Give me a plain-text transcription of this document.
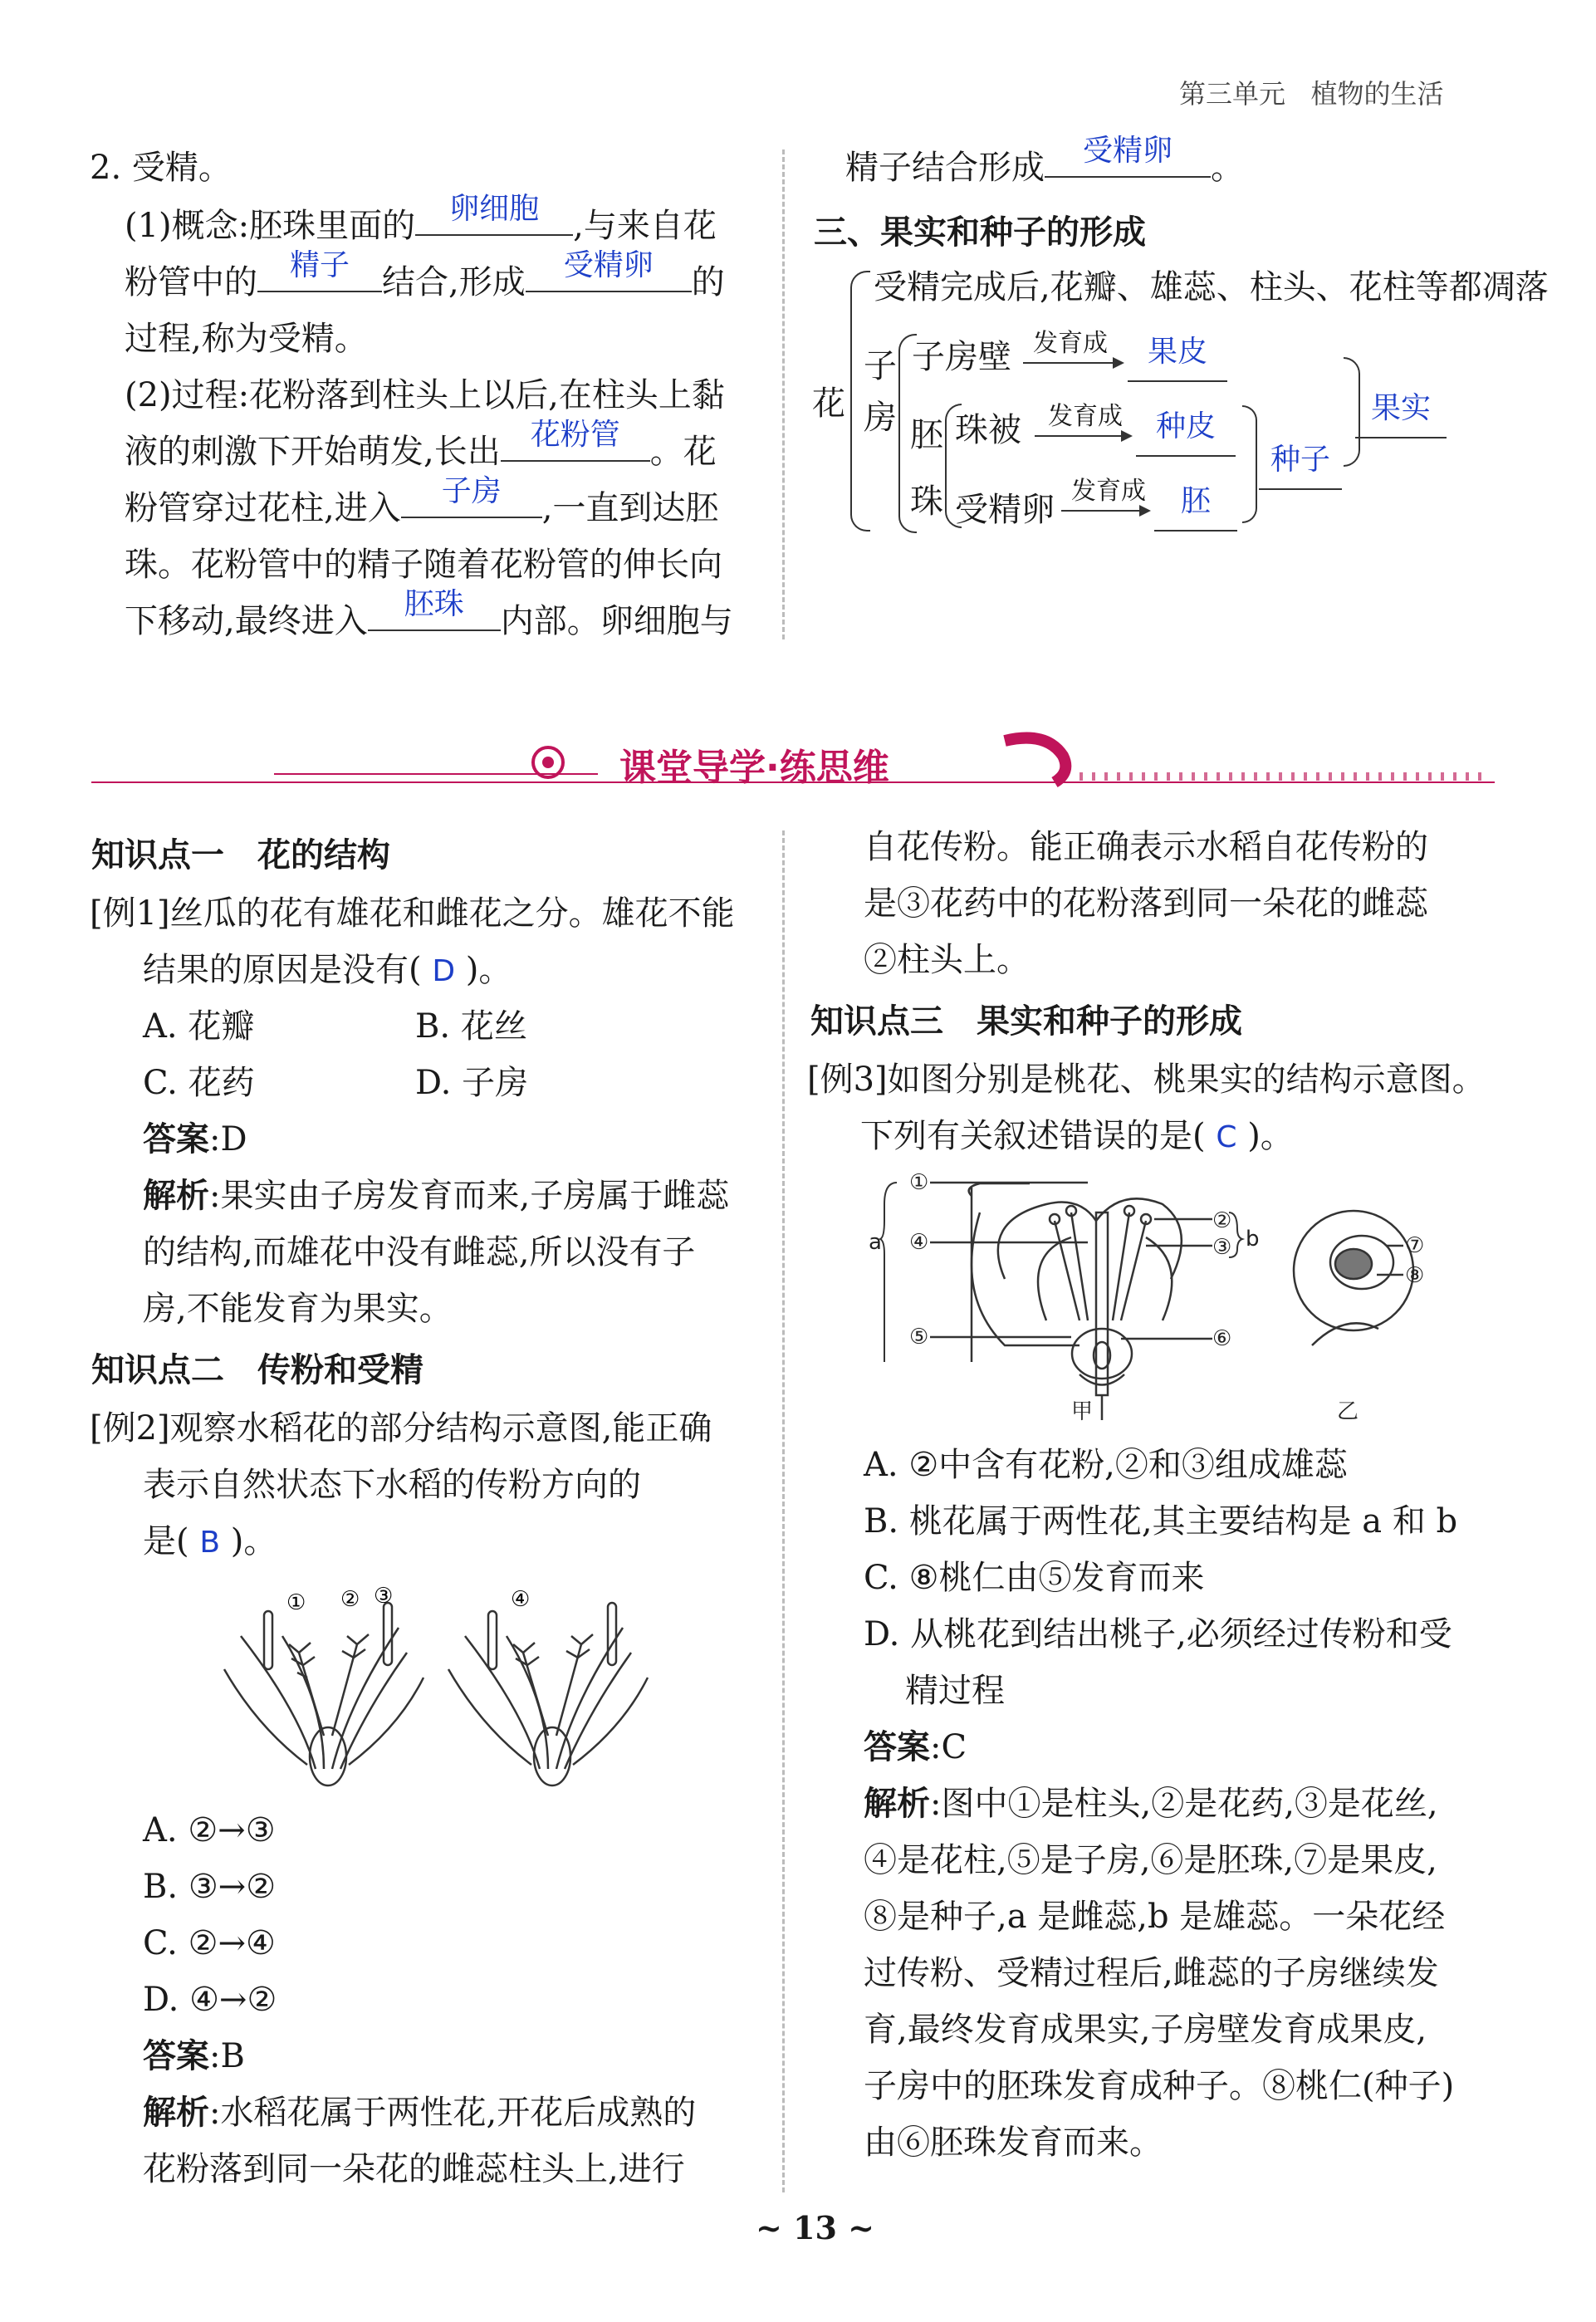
第三单元 植物的生活
2. 受精。
(1)概念:胚珠里面的 卵细胞 ,与来自花
粉管中的 精子 结合,形成 受精卵 的
过程,称为受精。
(2)过程:花粉落到柱头上以后,在柱头上黏
液的刺激下开始萌发,长出 花粉管 。花
粉管穿过花柱,进入 子房 ,一直到达胚
珠。花粉管中的精子随着花粉管的伸长向
下移动,最终进入 胚珠 内部。卵细胞与
精子结合形成 受精卵 。
三、果实和种子的形成
花
受精完成后,花瓣、雄蕊、柱头、花柱等都凋落
子房
子房壁 发育成	果皮
胚珠
珠被 发育成	种皮
受精卵 发育成	胚
种子
果实
课堂导学·练思维
知识点一　花的结构
[例1]丝瓜的花有雄花和雌花之分。雄花不能
结果的原因是没有( D )。
A. 花瓣	B. 花丝
C. 花药	D. 子房
答案:D
解析:果实由子房发育而来,子房属于雌蕊
的结构,而雄花中没有雌蕊,所以没有子
房,不能发育为果实。
知识点二　传粉和受精
[例2]观察水稻花的部分结构示意图,能正确
表示自然状态下水稻的传粉方向的
是( B )。
① ② ③	④
A. ②→③
B. ③→②
C. ②→④
D. ④→②
答案:B
解析:水稻花属于两性花,开花后成熟的
花粉落到同一朵花的雌蕊柱头上,进行
自花传粉。能正确表示水稻自花传粉的
是③花药中的花粉落到同一朵花的雌蕊
②柱头上。
知识点三　果实和种子的形成
[例3]如图分别是桃花、桃果实的结构示意图。
下列有关叙述错误的是( C )。
①
②
③
④
⑤	⑥
⑦
⑧
a	b
甲	乙
A. ②中含有花粉,②和③组成雄蕊
B. 桃花属于两性花,其主要结构是 a 和 b
C. ⑧桃仁由⑤发育而来
D. 从桃花到结出桃子,必须经过传粉和受
精过程
答案:C
解析:图中①是柱头,②是花药,③是花丝,
④是花柱,⑤是子房,⑥是胚珠,⑦是果皮,
⑧是种子,a 是雌蕊,b 是雄蕊。一朵花经
过传粉、受精过程后,雌蕊的子房继续发
育,最终发育成果实,子房壁发育成果皮,
子房中的胚珠发育成种子。⑧桃仁(种子)
由⑥胚珠发育而来。
~ 13 ~
